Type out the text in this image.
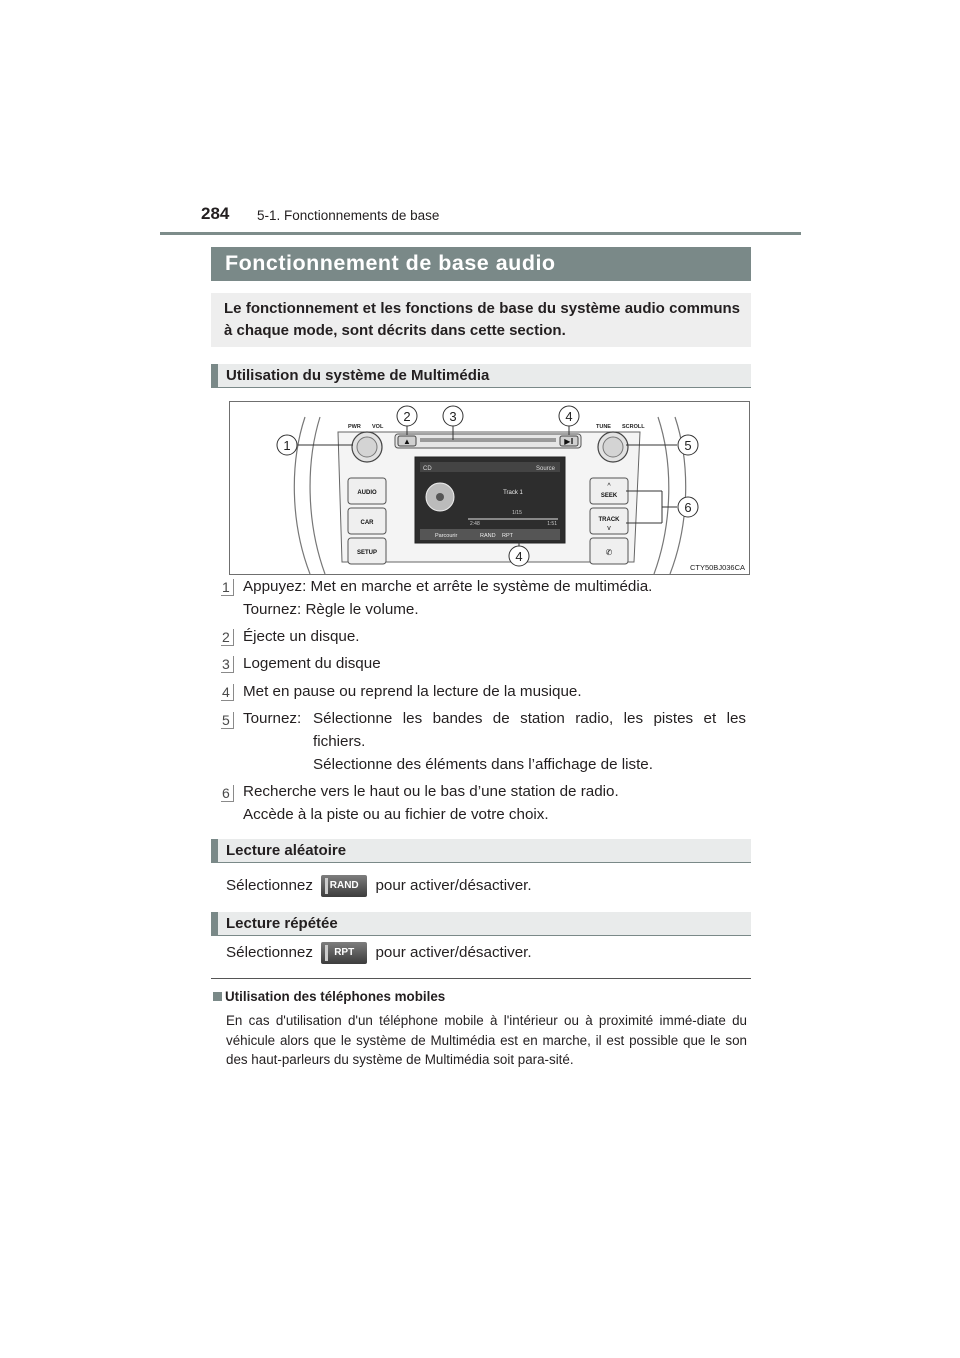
284 5-1. Fonctionnements de base
Fonctionnement de base audio
Le fonctionnement et les fonctions de base du système audio communs à chaque mode, sont décrits dans cette section.
Utilisation du système de Multimédia
▲	▶‖
CD	Source
Track 1
1/15
2:48	1:51
Parcourir	RAND RPT
PWR VOL
AUDIO
CAR
SETUP
TUNE SCROLL
^
SEEK
TRACK
v
✆
1
2	3	4
5
6
4
CTY50BJ036CA
1 Appuyez: Met en marche et arrête le système de multimédia.
Tournez: Règle le volume.
2 Éjecte un disque.
3 Logement du disque
4 Met en pause ou reprend la lecture de la musique.
5 Tournez: Sélectionne les bandes de station radio, les pistes et les
fichiers.
Sélectionne des éléments dans l’affichage de liste.
6 Recherche vers le haut ou le bas d’une station de radio.
Accède à la piste ou au fichier de votre choix.
Lecture aléatoire
Sélectionnez RAND pour activer/désactiver.
Lecture répétée
Sélectionnez RPT pour activer/désactiver.
Utilisation des téléphones mobiles
En cas d'utilisation d'un téléphone mobile à l'intérieur ou à proximité immé-diate du véhicule alors que le système de Multimédia est en marche, il est possible que le son des haut-parleurs du système de Multimédia soit para-sité.
